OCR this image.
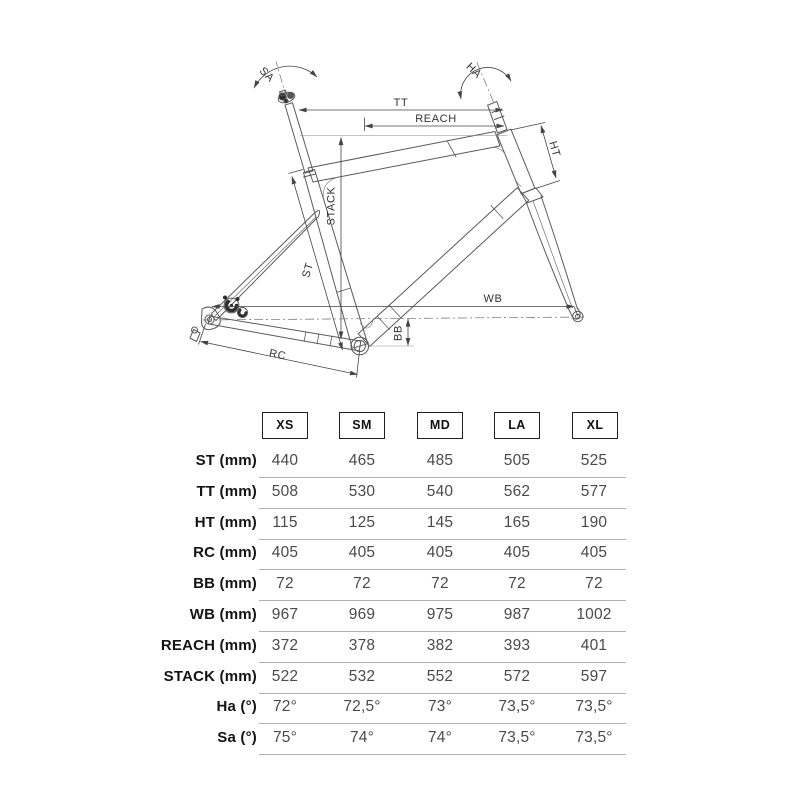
TT
REACH
STACK
ST
WB
BB
RC
HT
SA	HA
XS	SM	MD	LA	XL
ST (mm) 440	465	485	505	525
TT (mm) 508	530	540	562	577
HT (mm) 115	125	145	165	190
RC (mm) 405	405	405	405	405
BB (mm)	72	72	72	72	72
WB (mm) 967	969	975	987	1002
REACH (mm) 372	378	382	393	401
STACK (mm) 522	532	552	572	597
Ha (°)	72°	72,5°	73°	73,5°	73,5°
Sa (°)	75°	74°	74°	73,5°	73,5°
